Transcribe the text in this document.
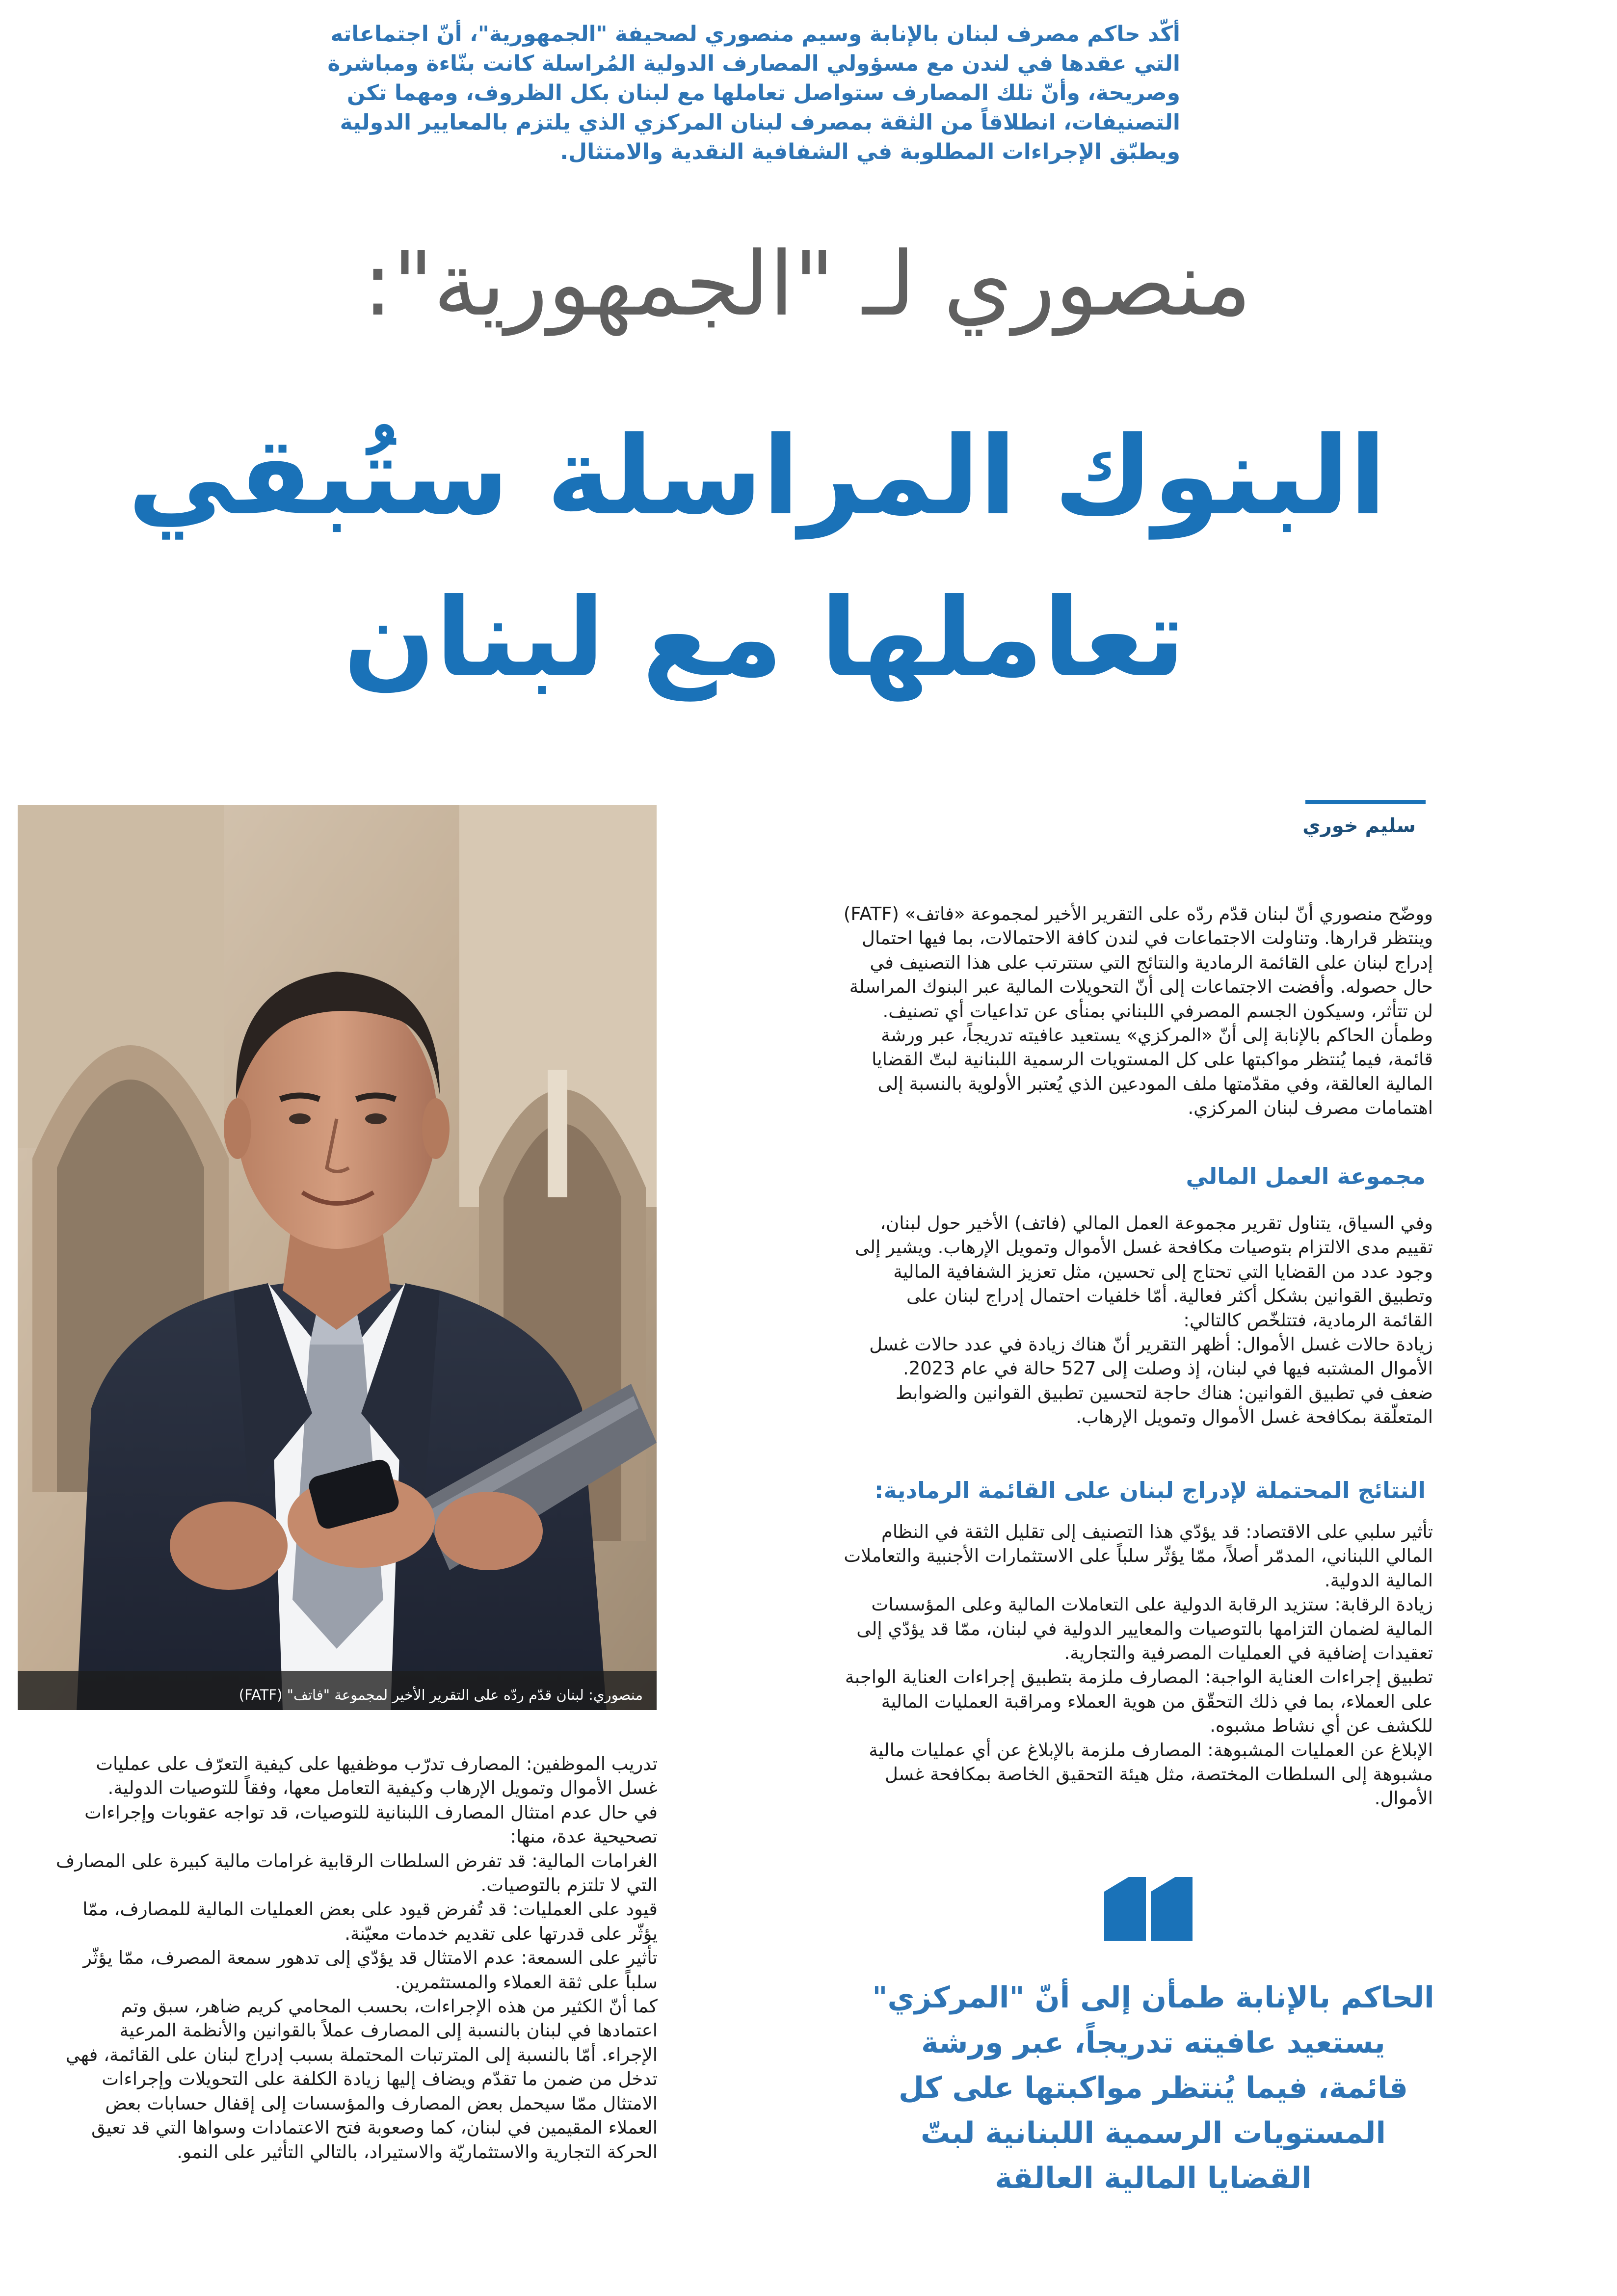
أكّد حاكم مصرف لبنان بالإنابة وسيم منصوري لصحيفة "الجمهورية"، أنّ اجتماعاته
التي عقدها في لندن مع مسؤولي المصارف الدولية المُراسلة كانت بنّاءة ومباشرة
وصريحة، وأنّ تلك المصارف ستواصل تعاملها مع لبنان بكل الظروف، ومهما تكن
التصنيفات، انطلاقاً من الثقة بمصرف لبنان المركزي الذي يلتزم بالمعايير الدولية
ويطبّق الإجراءات المطلوبة في الشفافية النقدية والامتثال.
منصوري لـ "الجمهورية":
البنوك المراسلة ستُبقي
تعاملها مع لبنان
سليم خوري
منصوري: لبنان قدّم ردّه على التقرير الأخير لمجموعة "فاتف" (FATF)
ووضّح منصوري أنّ لبنان قدّم ردّه على التقرير الأخير لمجموعة «فاتف» (FATF)
وينتظر قرارها. وتناولت الاجتماعات في لندن كافة الاحتمالات، بما فيها احتمال
إدراج لبنان على القائمة الرمادية والنتائج التي ستترتب على هذا التصنيف في
حال حصوله. وأفضت الاجتماعات إلى أنّ التحويلات المالية عبر البنوك المراسلة
لن تتأثر، وسيكون الجسم المصرفي اللبناني بمنأى عن تداعيات أي تصنيف.
وطمأن الحاكم بالإنابة إلى أنّ «المركزي» يستعيد عافيته تدريجاً، عبر ورشة
قائمة، فيما يُنتظر مواكبتها على كل المستويات الرسمية اللبنانية لبتّ القضايا
المالية العالقة، وفي مقدّمتها ملف المودعين الذي يُعتبر الأولوية بالنسبة إلى
اهتمامات مصرف لبنان المركزي.
مجموعة العمل المالي
وفي السياق، يتناول تقرير مجموعة العمل المالي (فاتف) الأخير حول لبنان،
تقييم مدى الالتزام بتوصيات مكافحة غسل الأموال وتمويل الإرهاب. ويشير إلى
وجود عدد من القضايا التي تحتاج إلى تحسين، مثل تعزيز الشفافية المالية
وتطبيق القوانين بشكل أكثر فعالية. أمّا خلفيات احتمال إدراج لبنان على
القائمة الرمادية، فتتلخّص كالتالي:
زيادة حالات غسل الأموال: أظهر التقرير أنّ هناك زيادة في عدد حالات غسل
الأموال المشتبه فيها في لبنان، إذ وصلت إلى 527 حالة في عام 2023.
ضعف في تطبيق القوانين: هناك حاجة لتحسين تطبيق القوانين والضوابط
المتعلّقة بمكافحة غسل الأموال وتمويل الإرهاب.
النتائج المحتملة لإدراج لبنان على القائمة الرمادية:
تأثير سلبي على الاقتصاد: قد يؤدّي هذا التصنيف إلى تقليل الثقة في النظام
المالي اللبناني، المدمّر أصلاً، ممّا يؤثّر سلباً على الاستثمارات الأجنبية والتعاملات
المالية الدولية.
زيادة الرقابة: ستزيد الرقابة الدولية على التعاملات المالية وعلى المؤسسات
المالية لضمان التزامها بالتوصيات والمعايير الدولية في لبنان، ممّا قد يؤدّي إلى
تعقيدات إضافية في العمليات المصرفية والتجارية.
تطبيق إجراءات العناية الواجبة: المصارف ملزمة بتطبيق إجراءات العناية الواجبة
على العملاء، بما في ذلك التحقّق من هوية العملاء ومراقبة العمليات المالية
للكشف عن أي نشاط مشبوه.
الإبلاغ عن العمليات المشبوهة: المصارف ملزمة بالإبلاغ عن أي عمليات مالية
مشبوهة إلى السلطات المختصة، مثل هيئة التحقيق الخاصة بمكافحة غسل
الأموال.
تدريب الموظفين: المصارف تدرّب موظفيها على كيفية التعرّف على عمليات
غسل الأموال وتمويل الإرهاب وكيفية التعامل معها، وفقاً للتوصيات الدولية.
في حال عدم امتثال المصارف اللبنانية للتوصيات، قد تواجه عقوبات وإجراءات
تصحيحية عدة، منها:
الغرامات المالية: قد تفرض السلطات الرقابية غرامات مالية كبيرة على المصارف
التي لا تلتزم بالتوصيات.
قيود على العمليات: قد تُفرض قيود على بعض العمليات المالية للمصارف، ممّا
يؤثّر على قدرتها على تقديم خدمات معيّنة.
تأثير على السمعة: عدم الامتثال قد يؤدّي إلى تدهور سمعة المصرف، ممّا يؤثّر
سلباً على ثقة العملاء والمستثمرين.
كما أنّ الكثير من هذه الإجراءات، بحسب المحامي كريم ضاهر، سبق وتم
اعتمادها في لبنان بالنسبة إلى المصارف عملاً بالقوانين والأنظمة المرعية
الإجراء. أمّا بالنسبة إلى المترتبات المحتملة بسبب إدراج لبنان على القائمة، فهي
تدخل من ضمن ما تقدّم ويضاف إليها زيادة الكلفة على التحويلات وإجراءات
الامتثال ممّا سيحمل بعض المصارف والمؤسسات إلى إقفال حسابات بعض
العملاء المقيمين في لبنان، كما وصعوبة فتح الاعتمادات وسواها التي قد تعيق
الحركة التجارية والاستثماريّة والاستيراد، بالتالي التأثير على النمو.
الحاكم بالإنابة طمأن إلى أنّ "المركزي"
يستعيد عافيته تدريجاً، عبر ورشة
قائمة، فيما يُنتظر مواكبتها على كل
المستويات الرسمية اللبنانية لبتّ
القضايا المالية العالقة
